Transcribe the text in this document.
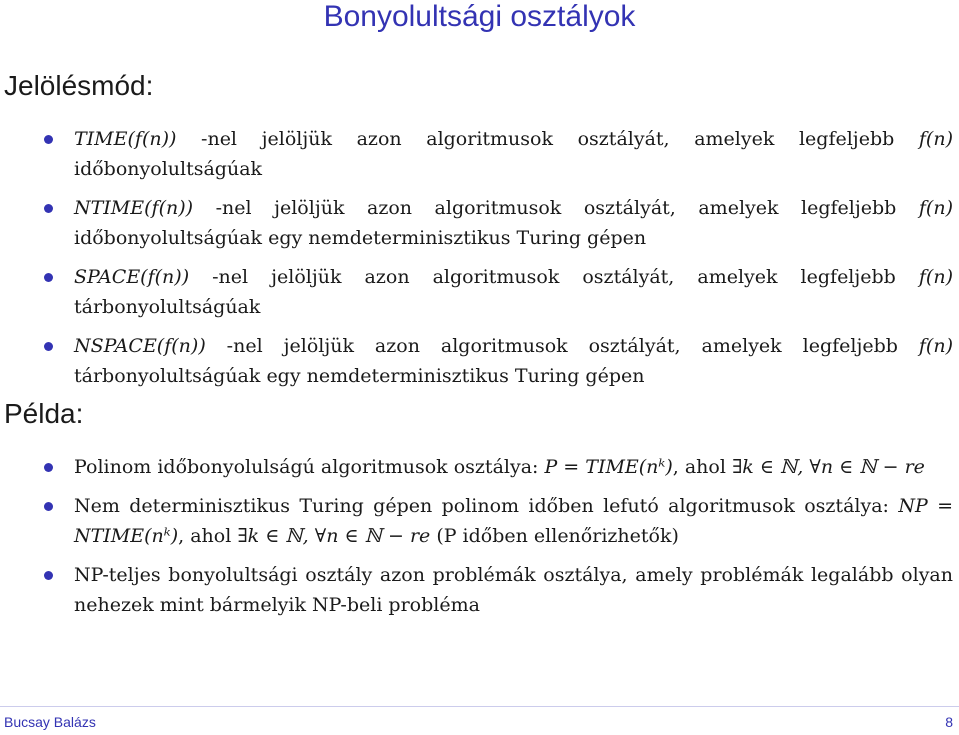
Bonyolultsági osztályok
Jelölésmód:
TIME(f(n)) -nel jelöljük azon algoritmusok osztályát, amelyek legfeljebb f(n) időbonyolultságúak
NTIME(f(n)) -nel jelöljük azon algoritmusok osztályát, amelyek legfeljebb f(n) időbonyolultságúak egy nemdeterminisztikus Turing gépen
SPACE(f(n)) -nel jelöljük azon algoritmusok osztályát, amelyek legfeljebb f(n) tárbonyolultságúak
NSPACE(f(n)) -nel jelöljük azon algoritmusok osztályát, amelyek legfeljebb f(n) tárbonyolultságúak egy nemdeterminisztikus Turing gépen
Példa:
Polinom időbonyolulságú algoritmusok osztálya: P = TIME(nᵏ), ahol ∃k ∈ ℕ, ∀n ∈ ℕ − re
Nem determinisztikus Turing gépen polinom időben lefutó algoritmusok osztálya: NP = NTIME(nᵏ), ahol ∃k ∈ ℕ, ∀n ∈ ℕ − re (P időben ellenőrizhetők)
NP-teljes bonyolultsági osztály azon problémák osztálya, amely problémák legalább olyan nehezek mint bármelyik NP-beli probléma
Bucsay Balázs	8
